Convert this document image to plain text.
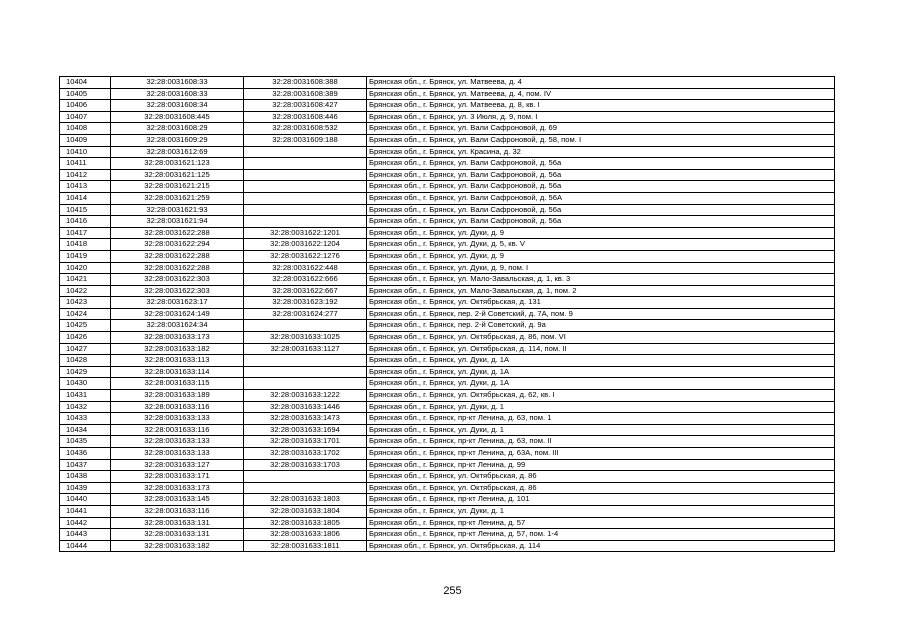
10404	32:28:0031608:33	32:28:0031608:388	Брянская обл., г. Брянск, ул. Матвеева, д. 4
10405	32:28:0031608:33	32:28:0031608:389	Брянская обл., г. Брянск, ул. Матвеева, д. 4, пом. IV
10406	32:28:0031608:34	32:28:0031608:427	Брянская обл., г. Брянск, ул. Матвеева, д. 8, кв. I
10407	32:28:0031608:445	32:28:0031608:446	Брянская обл., г. Брянск, ул. 3 Июля, д. 9, пом. I
10408	32:28:0031608:29	32:28:0031608:532	Брянская обл., г. Брянск, ул. Вали Сафроновой, д. 69
10409	32:28:0031609:29	32:28:0031609:188	Брянская обл., г. Брянск, ул. Вали Сафроновой, д. 58, пом. I
10410	32:28:0031612:69		Брянская обл., г. Брянск, ул. Красина, д. 32
10411	32:28:0031621:123		Брянская обл., г. Брянск, ул. Вали Сафроновой, д. 56а
10412	32:28:0031621:125		Брянская обл., г. Брянск, ул. Вали Сафроновой, д. 56а
10413	32:28:0031621:215		Брянская обл., г. Брянск, ул. Вали Сафроновой, д. 56а
10414	32:28:0031621:259		Брянская обл., г. Брянск, ул. Вали Сафроновой, д. 56А
10415	32:28:0031621:93		Брянская обл., г. Брянск, ул. Вали Сафроновой, д. 56а
10416	32:28:0031621:94		Брянская обл., г. Брянск, ул. Вали Сафроновой, д. 56а
10417	32:28:0031622:288	32:28:0031622:1201	Брянская обл., г. Брянск, ул. Дуки, д. 9
10418	32:28:0031622:294	32:28:0031622:1204	Брянская обл., г. Брянск, ул. Дуки, д. 5, кв. V
10419	32:28:0031622:288	32:28:0031622:1276	Брянская обл., г. Брянск, ул. Дуки, д. 9
10420	32:28:0031622:288	32:28:0031622:448	Брянская обл., г. Брянск, ул. Дуки, д. 9, пом. I
10421	32:28:0031622:303	32:28:0031622:666	Брянская обл., г. Брянск, ул. Мало-Завальская, д. 1, кв. 3
10422	32:28:0031622:303	32:28:0031622:667	Брянская обл., г. Брянск, ул. Мало-Завальская, д. 1, пом. 2
10423	32:28:0031623:17	32:28:0031623:192	Брянская обл., г. Брянск, ул. Октябрьская, д. 131
10424	32:28:0031624:149	32:28:0031624:277	Брянская обл., г. Брянск, пер. 2-й Советский, д. 7А, пом. 9
10425	32:28:0031624:34		Брянская обл., г. Брянск, пер. 2-й Советский, д. 9а
10426	32:28:0031633:173	32:28:0031633:1025	Брянская обл., г. Брянск, ул. Октябрьская, д. 86, пом. VI
10427	32:28:0031633:182	32:28:0031633:1127	Брянская обл., г. Брянск, ул. Октябрьская, д. 114, пом. II
10428	32:28:0031633:113		Брянская обл., г. Брянск, ул. Дуки, д. 1А
10429	32:28:0031633:114		Брянская обл., г. Брянск, ул. Дуки, д. 1А
10430	32:28:0031633:115		Брянская обл., г. Брянск, ул. Дуки, д. 1А
10431	32:28:0031633:189	32:28:0031633:1222	Брянская обл., г. Брянск, ул. Октябрьская, д. 62, кв. I
10432	32:28:0031633:116	32:28:0031633:1446	Брянская обл., г. Брянск, ул. Дуки, д. 1
10433	32:28:0031633:133	32:28:0031633:1473	Брянская обл., г. Брянск, пр-кт Ленина, д. 63, пом. 1
10434	32:28:0031633:116	32:28:0031633:1694	Брянская обл., г. Брянск, ул. Дуки, д. 1
10435	32:28:0031633:133	32:28:0031633:1701	Брянская обл., г. Брянск, пр-кт Ленина, д. 63, пом. II
10436	32:28:0031633:133	32:28:0031633:1702	Брянская обл., г. Брянск, пр-кт Ленина, д. 63А, пом. III
10437	32:28:0031633:127	32:28:0031633:1703	Брянская обл., г. Брянск, пр-кт Ленина, д. 99
10438	32:28:0031633:171		Брянская обл., г. Брянск, ул. Октябрьская, д. 86
10439	32:28:0031633:173		Брянская обл., г. Брянск, ул. Октябрьская, д. 86
10440	32:28:0031633:145	32:28:0031633:1803	Брянская обл., г. Брянск, пр-кт Ленина, д. 101
10441	32:28:0031633:116	32:28:0031633:1804	Брянская обл., г. Брянск, ул. Дуки, д. 1
10442	32:28:0031633:131	32:28:0031633:1805	Брянская обл., г. Брянск, пр-кт Ленина, д. 57
10443	32:28:0031633:131	32:28:0031633:1806	Брянская обл., г. Брянск, пр-кт Ленина, д. 57, пом. 1-4
10444	32:28:0031633:182	32:28:0031633:1811	Брянская обл., г. Брянск, ул. Октябрьская, д. 114
255
